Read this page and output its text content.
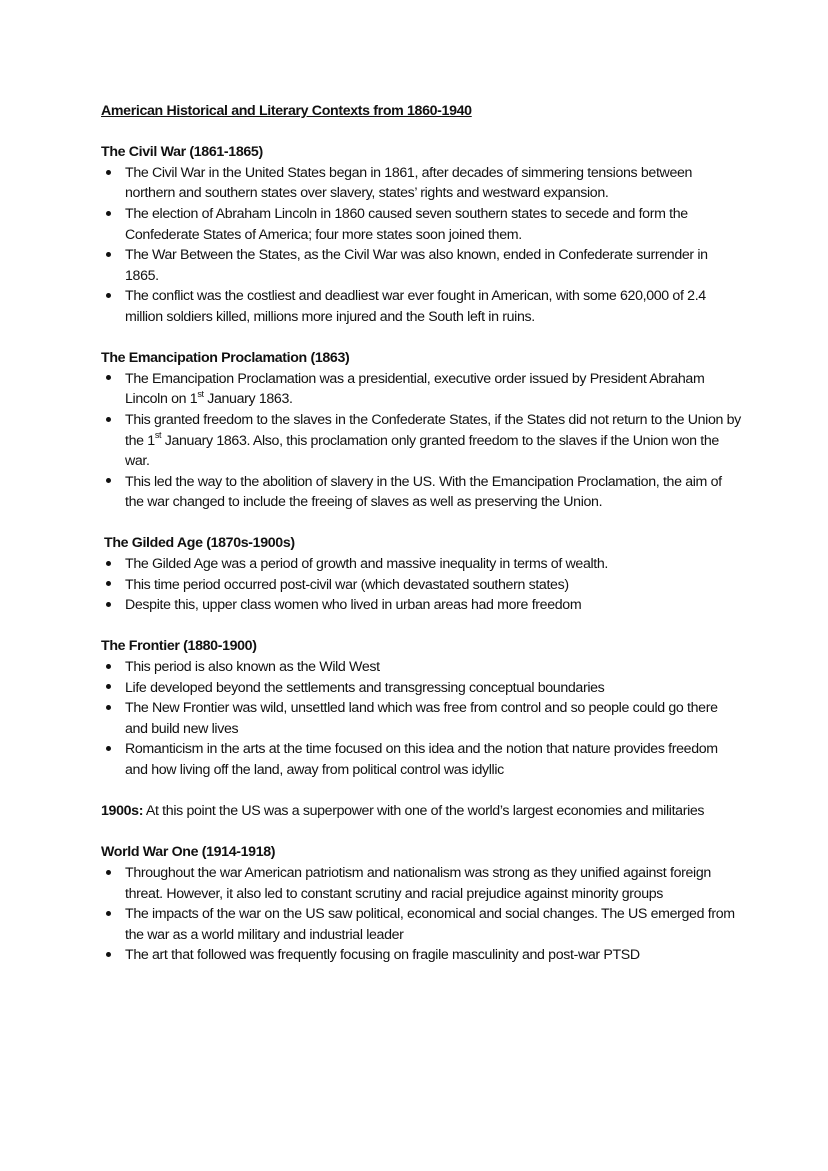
American Historical and Literary Contexts from 1860-1940
The Civil War (1861-1865)
The Civil War in the United States began in 1861, after decades of simmering tensions between northern and southern states over slavery, states’ rights and westward expansion.
The election of Abraham Lincoln in 1860 caused seven southern states to secede and form the Confederate States of America; four more states soon joined them.
The War Between the States, as the Civil War was also known, ended in Confederate surrender in 1865.
The conflict was the costliest and deadliest war ever fought in American, with some 620,000 of 2.4 million soldiers killed, millions more injured and the South left in ruins.
The Emancipation Proclamation (1863)
The Emancipation Proclamation was a presidential, executive order issued by President Abraham Lincoln on 1st January 1863.
This granted freedom to the slaves in the Confederate States, if the States did not return to the Union by the 1st January 1863. Also, this proclamation only granted freedom to the slaves if the Union won the war.
This led the way to the abolition of slavery in the US. With the Emancipation Proclamation, the aim of the war changed to include the freeing of slaves as well as preserving the Union.
The Gilded Age (1870s-1900s)
The Gilded Age was a period of growth and massive inequality in terms of wealth.
This time period occurred post-civil war (which devastated southern states)
Despite this, upper class women who lived in urban areas had more freedom
The Frontier (1880-1900)
This period is also known as the Wild West
Life developed beyond the settlements and transgressing conceptual boundaries
The New Frontier was wild, unsettled land which was free from control and so people could go there and build new lives
Romanticism in the arts at the time focused on this idea and the notion that nature provides freedom and how living off the land, away from political control was idyllic
1900s: At this point the US was a superpower with one of the world’s largest economies and militaries
World War One (1914-1918)
Throughout the war American patriotism and nationalism was strong as they unified against foreign threat. However, it also led to constant scrutiny and racial prejudice against minority groups
The impacts of the war on the US saw political, economical and social changes. The US emerged from the war as a world military and industrial leader
The art that followed was frequently focusing on fragile masculinity and post-war PTSD
